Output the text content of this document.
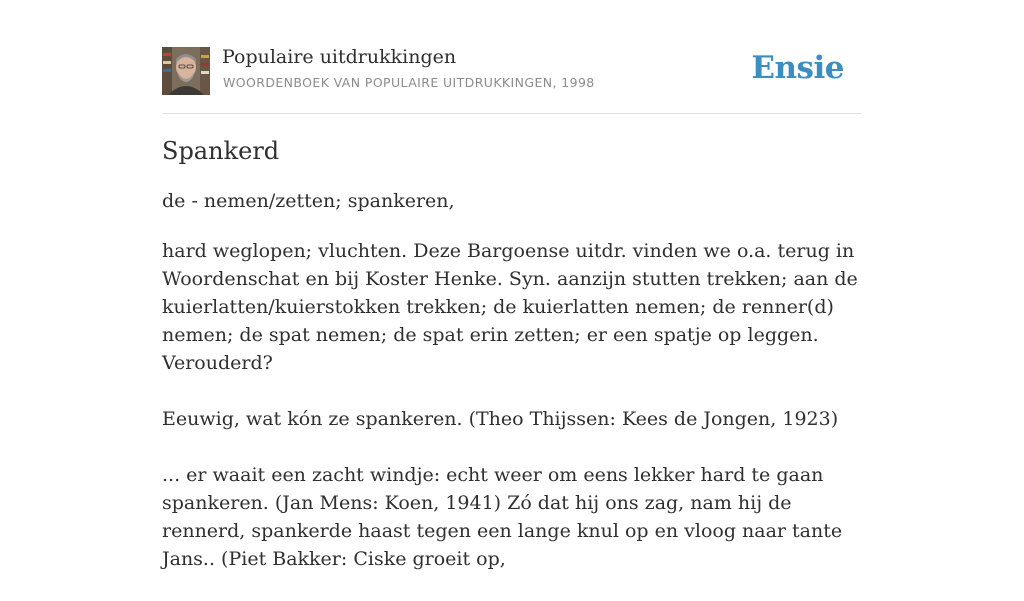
Populaire uitdrukkingen
WOORDENBOEK VAN POPULAIRE UITDRUKKINGEN, 1998	Ensie
Spankerd

de - nemen/zetten; spankeren,

hard weglopen; vluchten. Deze Bargoense uitdr. vinden we o.a. terug in Woordenschat en bij Koster Henke. Syn. aanzijn stutten trekken; aan de kuierlatten/kuierstokken trekken; de kuierlatten nemen; de renner(d) nemen; de spat nemen; de spat erin zetten; er een spatje op leggen. Verouderd?

Eeuwig, wat kón ze spankeren. (Theo Thijssen: Kees de Jongen, 1923)

... er waait een zacht windje: echt weer om eens lekker hard te gaan spankeren. (Jan Mens: Koen, 1941) Zó dat hij ons zag, nam hij de rennerd, spankerde haast tegen een lange knul op en vloog naar tante Jans.. (Piet Bakker: Ciske groeit op,
